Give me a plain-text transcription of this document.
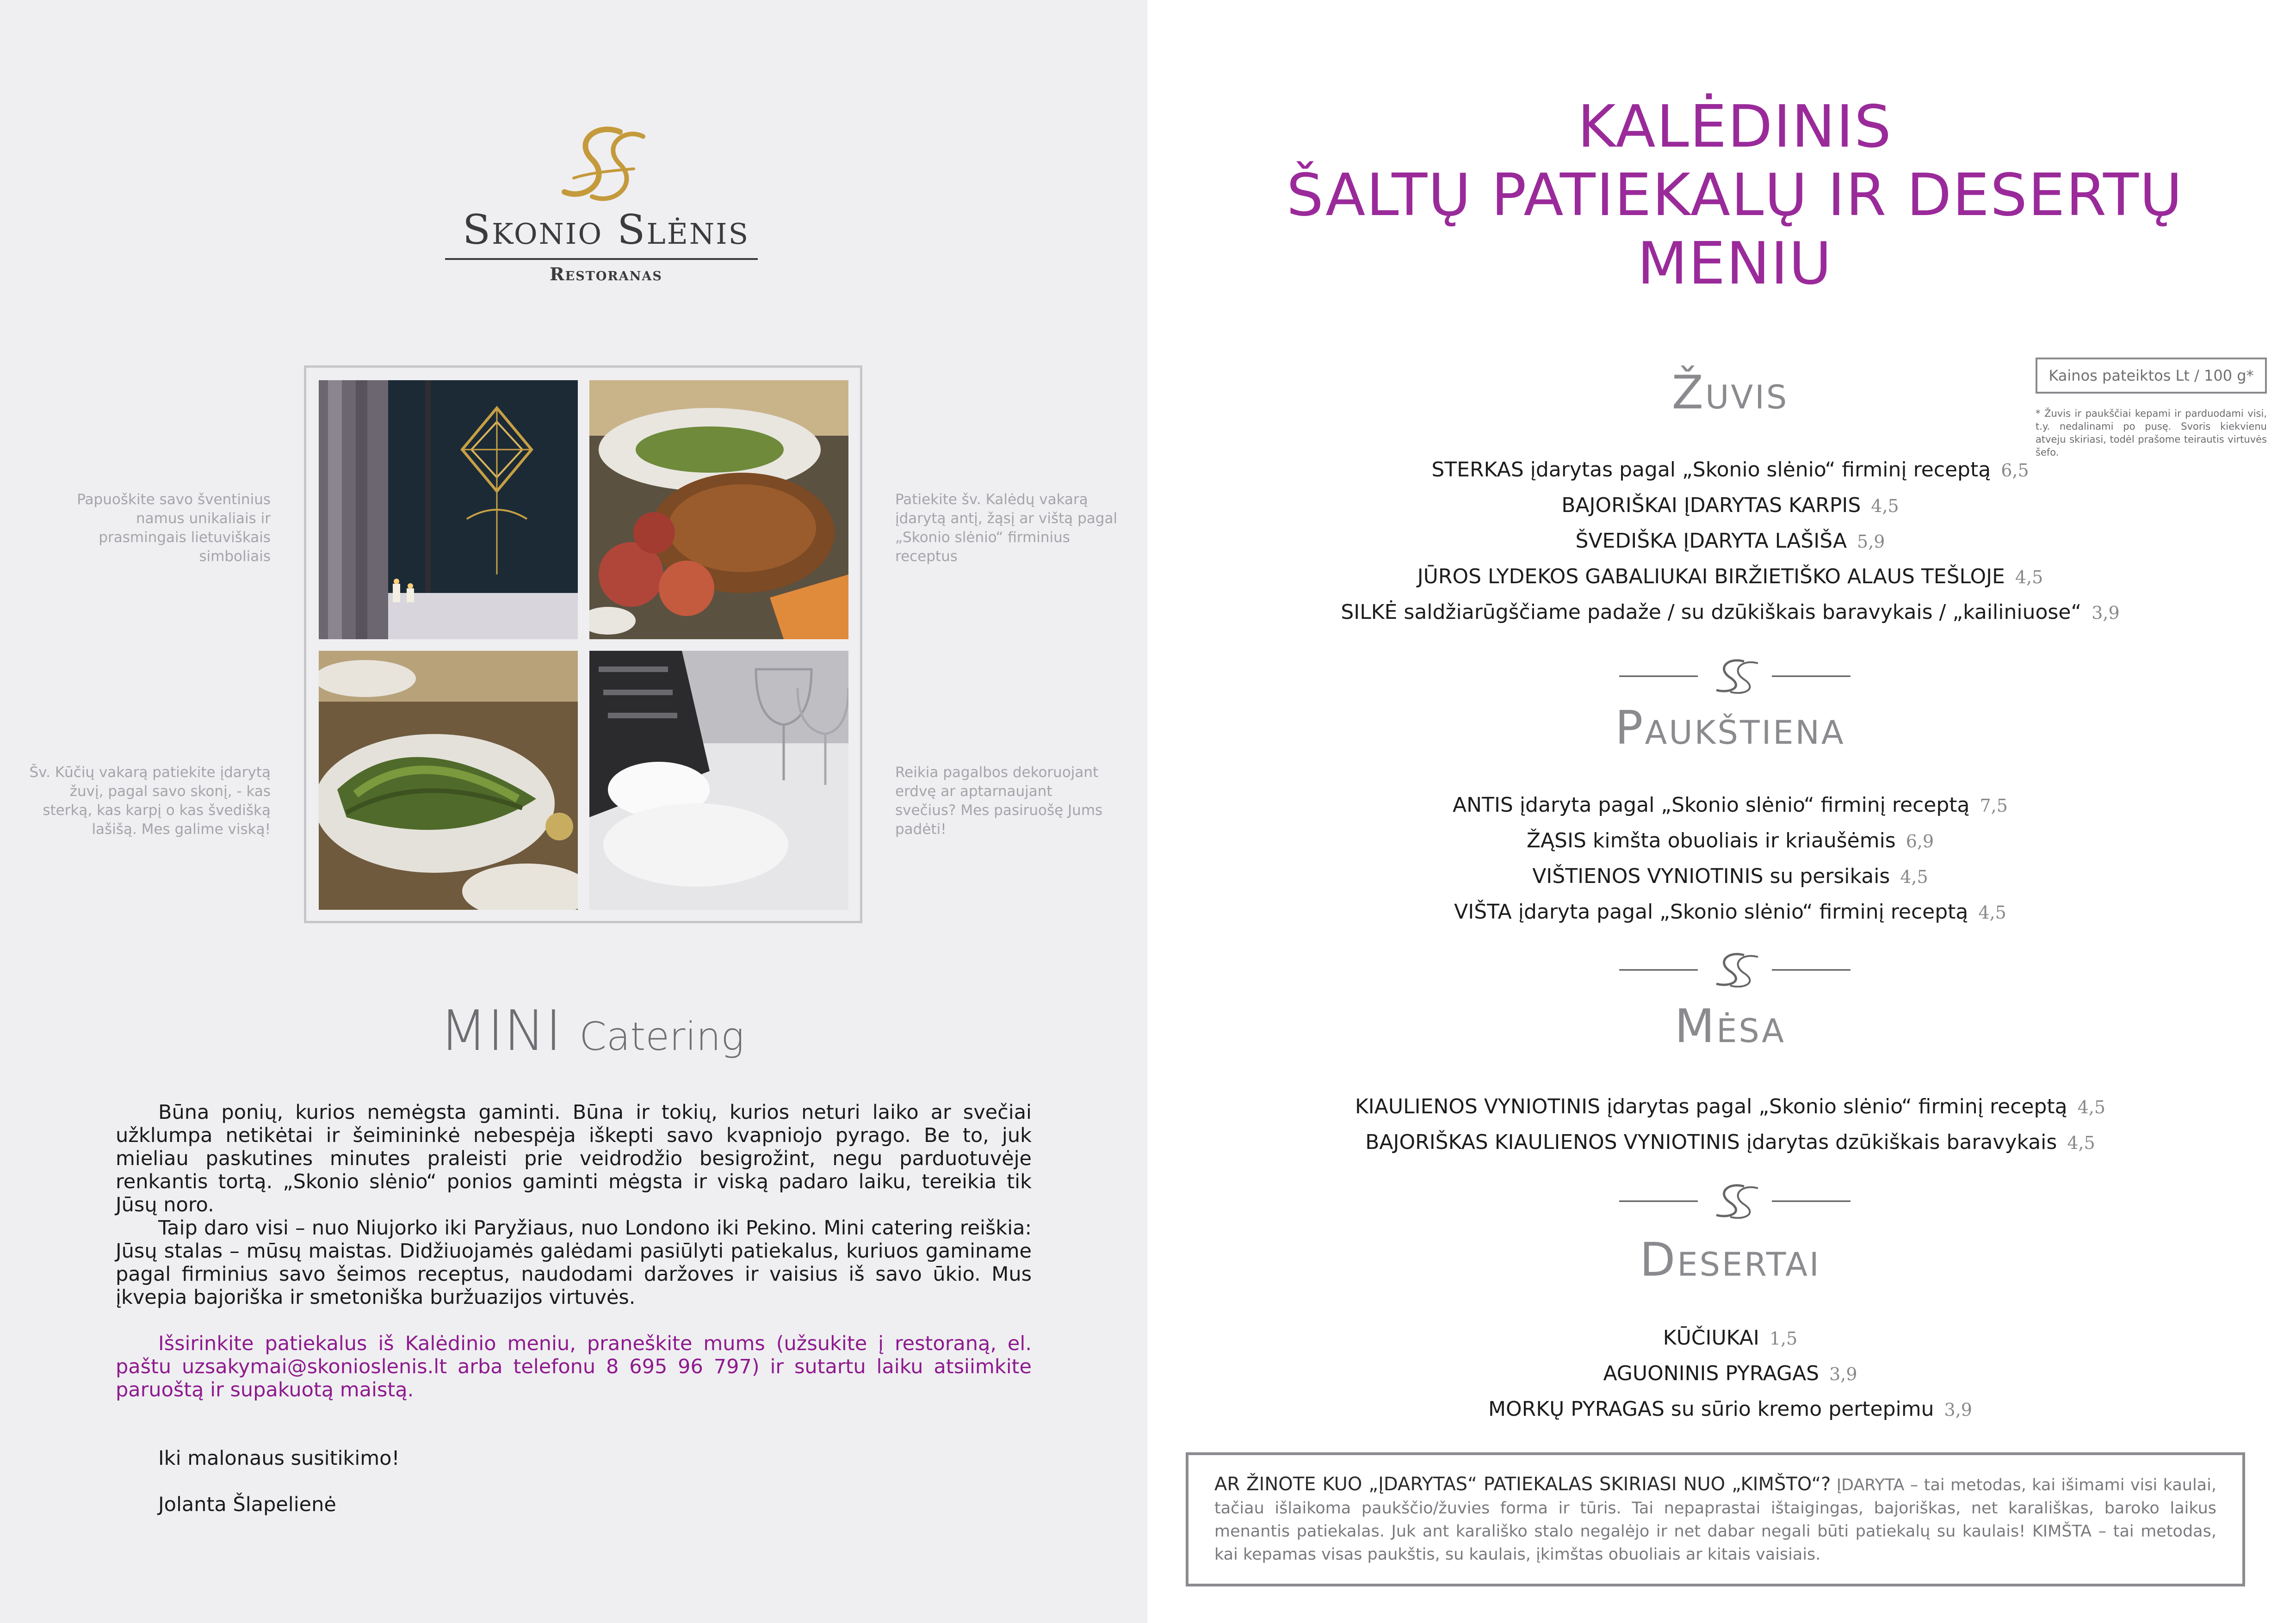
Skonio Slėnis
Restoranas
Papuoškite savo šventinius namus unikaliais ir prasmingais lietuviškais simboliais
Patiekite šv. Kalėdų vakarą įdarytą antį, žąsį ar vištą pagal „Skonio slėnio“ firminius receptus
Šv. Kūčių vakarą patiekite įdarytą žuvį, pagal savo skonį, - kas sterką, kas karpį o kas švedišką lašišą. Mes galime viską!
Reikia pagalbos dekoruojant erdvę ar aptarnaujant svečius? Mes pasiruošę Jums padėti!
MINI Catering
Būna ponių, kurios nemėgsta gaminti. Būna ir tokių, kurios neturi laiko ar svečiai užklumpa netikėtai ir šeimininkė nebespėja iškepti savo kvapniojo pyrago. Be to, juk mieliau paskutines minutes praleisti prie veidrodžio besigrožint, negu parduotuvėje renkantis tortą. „Skonio slėnio“ ponios gaminti mėgsta ir viską padaro laiku, tereikia tik Jūsų noro.
Taip daro visi – nuo Niujorko iki Paryžiaus, nuo Londono iki Pekino. Mini catering reiškia: Jūsų stalas – mūsų maistas. Didžiuojamės galėdami pasiūlyti patiekalus, kuriuos gaminame pagal firminius savo šeimos receptus, naudodami daržoves ir vaisius iš savo ūkio. Mus įkvepia bajoriška ir smetoniška buržuazijos virtuvės.
Išsirinkite patiekalus iš Kalėdinio meniu, praneškite mums (užsukite į restoraną, el. paštu uzsakymai@skonioslenis.lt arba telefonu 8 695 96 797) ir sutartu laiku atsiimkite paruoštą ir supakuotą maistą.
Iki malonaus susitikimo!
Jolanta Šlapelienė
KALĖDINIS
ŠALTŲ PATIEKALŲ IR DESERTŲ
MENIU
Kainos pateiktos Lt / 100 g*
* Žuvis ir paukščiai kepami ir parduodami visi, t.y. nedalinami po pusę. Svoris kiekvienu atveju skiriasi, todėl prašome teirautis virtuvės šefo.
Žuvis
STERKAS įdarytas pagal „Skonio slėnio“ firminį receptą 6,5
BAJORIŠKAI ĮDARYTAS KARPIS 4,5
ŠVEDIŠKA ĮDARYTA LAŠIŠA 5,9
JŪROS LYDEKOS GABALIUKAI BIRŽIETIŠKO ALAUS TEŠLOJE 4,5
SILKĖ saldžiarūgščiame padaže / su dzūkiškais baravykais / „kailiniuose“ 3,9
Paukštiena
ANTIS įdaryta pagal „Skonio slėnio“ firminį receptą 7,5
ŽĄSIS kimšta obuoliais ir kriaušėmis 6,9
VIŠTIENOS VYNIOTINIS su persikais 4,5
VIŠTA įdaryta pagal „Skonio slėnio“ firminį receptą 4,5
Mėsa
KIAULIENOS VYNIOTINIS įdarytas pagal „Skonio slėnio“ firminį receptą 4,5
BAJORIŠKAS KIAULIENOS VYNIOTINIS įdarytas dzūkiškais baravykais 4,5
Desertai
KŪČIUKAI 1,5
AGUONINIS PYRAGAS 3,9
MORKŲ PYRAGAS su sūrio kremo pertepimu 3,9
AR ŽINOTE KUO „ĮDARYTAS“ PATIEKALAS SKIRIASI NUO „KIMŠTO“? ĮDARYTA – tai metodas, kai išimami visi kaulai, tačiau išlaikoma paukščio/žuvies forma ir tūris. Tai nepaprastai ištaigingas, bajoriškas, net karališkas, baroko laikus menantis patiekalas. Juk ant karališko stalo negalėjo ir net dabar negali būti patiekalų su kaulais! KIMŠTA – tai metodas, kai kepamas visas paukštis, su kaulais, įkimštas obuoliais ar kitais vaisiais.
